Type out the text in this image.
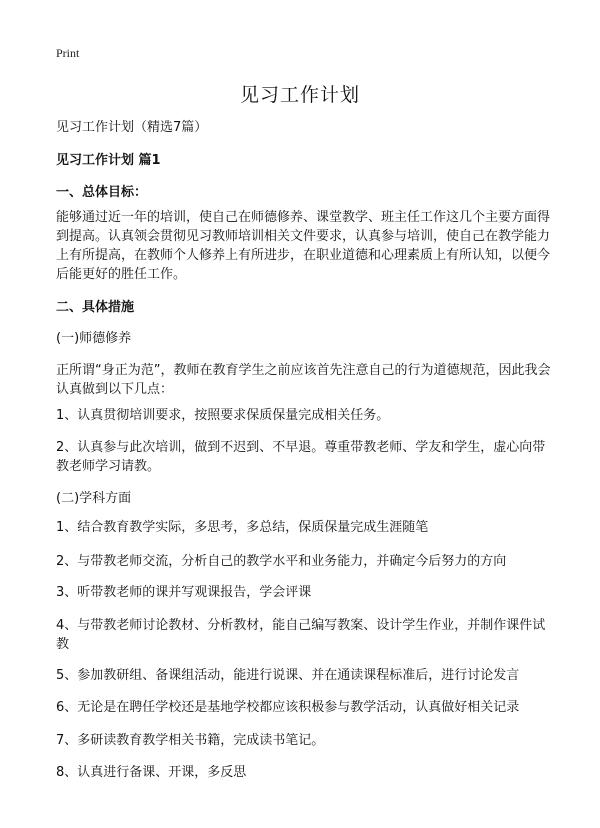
Print
见习工作计划
见习工作计划（精选7篇）
见习工作计划 篇1
一、总体目标：
能够通过近一年的培训，使自己在师德修养、课堂教学、班主任工作这几个主要方面得到提高。认真领会贯彻见习教师培训相关文件要求，认真参与培训，使自己在教学能力上有所提高，在教师个人修养上有所进步，在职业道德和心理素质上有所认知，以便今后能更好的胜任工作。
二、具体措施
(一)师德修养
正所谓“身正为范”，教师在教育学生之前应该首先注意自己的行为道德规范，因此我会认真做到以下几点：
1、认真贯彻培训要求，按照要求保质保量完成相关任务。
2、认真参与此次培训，做到不迟到、不早退。尊重带教老师、学友和学生，虚心向带教老师学习请教。
(二)学科方面
1、结合教育教学实际，多思考，多总结，保质保量完成生涯随笔
2、与带教老师交流，分析自己的教学水平和业务能力，并确定今后努力的方向
3、听带教老师的课并写观课报告，学会评课
4、与带教老师讨论教材、分析教材，能自己编写教案、设计学生作业，并制作课件试教
5、参加教研组、备课组活动，能进行说课、并在通读课程标准后，进行讨论发言
6、无论是在聘任学校还是基地学校都应该积极参与教学活动，认真做好相关记录
7、多研读教育教学相关书籍，完成读书笔记。
8、认真进行备课、开课，多反思
